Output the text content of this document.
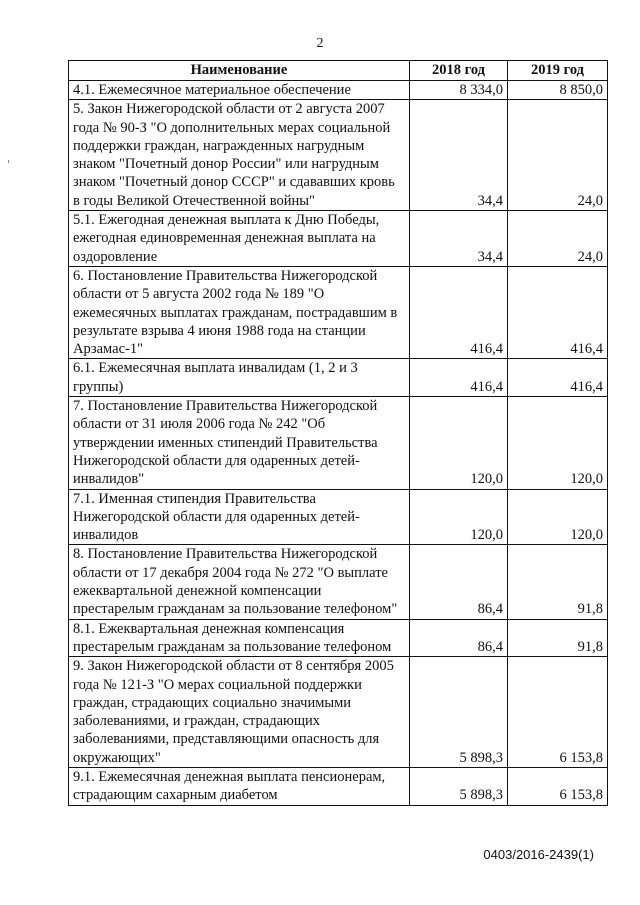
2
Наименование	2018 год	2019 год
4.1. Ежемесячное материальное обеспечение	8 334,0	8 850,0
5. Закон Нижегородской области от 2 августа 2007 года № 90-З "О дополнительных мерах социальной поддержки граждан, награжденных нагрудным знаком "Почетный донор России" или нагрудным знаком "Почетный донор СССР" и сдававших кровь в годы Великой Отечественной войны"	34,4	24,0
5.1. Ежегодная денежная выплата к Дню Победы, ежегодная единовременная денежная выплата на оздоровление	34,4	24,0
6. Постановление Правительства Нижегородской области от 5 августа 2002 года № 189 "О ежемесячных выплатах гражданам, пострадавшим в результате взрыва 4 июня 1988 года на станции Арзамас-1"	416,4	416,4
6.1. Ежемесячная выплата инвалидам (1, 2 и 3 группы)	416,4	416,4
7. Постановление Правительства Нижегородской области от 31 июля 2006 года № 242 "Об утверждении именных стипендий Правительства Нижегородской области для одаренных детей-инвалидов"	120,0	120,0
7.1. Именная стипендия Правительства Нижегородской области для одаренных детей-инвалидов	120,0	120,0
8. Постановление Правительства Нижегородской области от 17 декабря 2004 года № 272 "О выплате ежеквартальной денежной компенсации престарелым гражданам за пользование телефоном"	86,4	91,8
8.1. Ежеквартальная денежная компенсация престарелым гражданам за пользование телефоном	86,4	91,8
9. Закон Нижегородской области от 8 сентября 2005 года № 121-З "О мерах социальной поддержки граждан, страдающих социально значимыми заболеваниями, и граждан, страдающих заболеваниями, представляющими опасность для окружающих"	5 898,3	6 153,8
9.1. Ежемесячная денежная выплата пенсионерам, страдающим сахарным диабетом	5 898,3	6 153,8
0403/2016-2439(1)
